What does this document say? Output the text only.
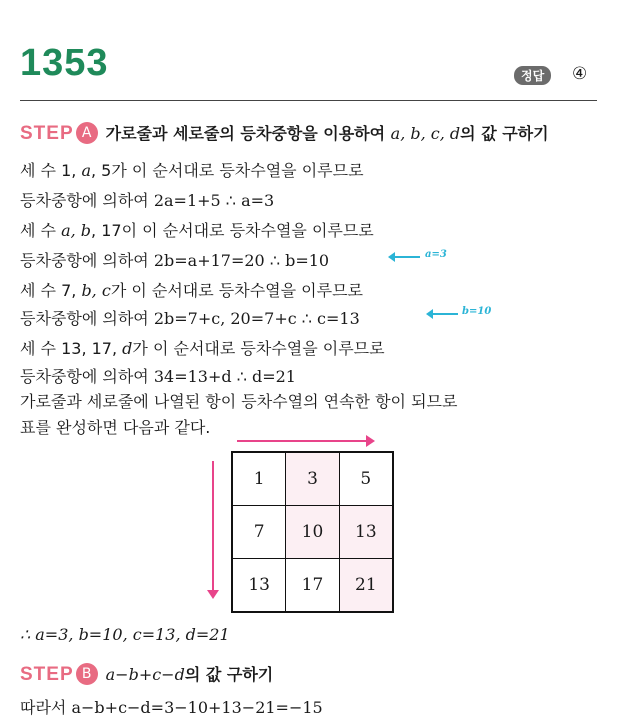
1353	정답	④
STEP A 가로줄과 세로줄의 등차중항을 이용하여 a, b, c, d의 값 구하기
세 수 1, a, 5가 이 순서대로 등차수열을 이루므로
등차중항에 의하여 2a=1+5 ∴ a=3
세 수 a, b, 17이 이 순서대로 등차수열을 이루므로
등차중항에 의하여 2b=a+17=20 ∴ b=10	a=3
세 수 7, b, c가 이 순서대로 등차수열을 이루므로
등차중항에 의하여 2b=7+c, 20=7+c ∴ c=13	b=10
세 수 13, 17, d가 이 순서대로 등차수열을 이루므로
등차중항에 의하여 34=13+d ∴ d=21
가로줄과 세로줄에 나열된 항이 등차수열의 연속한 항이 되므로
표를 완성하면 다음과 같다.
1	3	5
7	10	13
13	17	21
∴ a=3, b=10, c=13, d=21
STEP B a−b+c−d의 값 구하기
따라서 a−b+c−d=3−10+13−21=−15
